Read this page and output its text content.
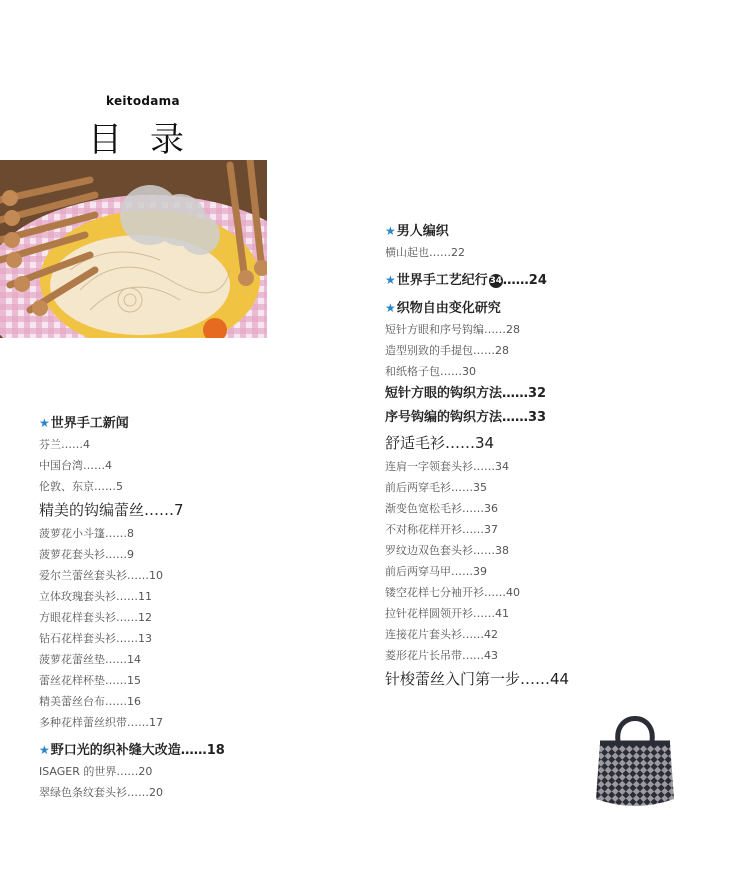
keitodama
目录
★世界手工新闻
芬兰……4
中国台湾……4
伦敦、东京……5
精美的钩编蕾丝……7
菠萝花小斗篷……8
菠萝花套头衫……9
爱尔兰蕾丝套头衫……10
立体玫瑰套头衫……11
方眼花样套头衫……12
钻石花样套头衫……13
菠萝花蕾丝垫……14
蕾丝花样杯垫……15
精美蕾丝台布……16
多种花样蕾丝织带……17
★野口光的织补缝大改造……18
ISAGER 的世界……20
翠绿色条纹套头衫……20
★男人编织
横山起也……22
★世界手工艺纪行 34……24
★织物自由变化研究
短针方眼和序号钩编……28
造型别致的手提包……28
和纸格子包……30
短针方眼的钩织方法……32
序号钩编的钩织方法……33
舒适毛衫……34
连肩一字领套头衫……34
前后两穿毛衫……35
渐变色宽松毛衫……36
不对称花样开衫……37
罗纹边双色套头衫……38
前后两穿马甲……39
镂空花样七分袖开衫……40
拉针花样圆领开衫……41
连接花片套头衫……42
菱形花片长吊带……43
针梭蕾丝入门第一步……44
